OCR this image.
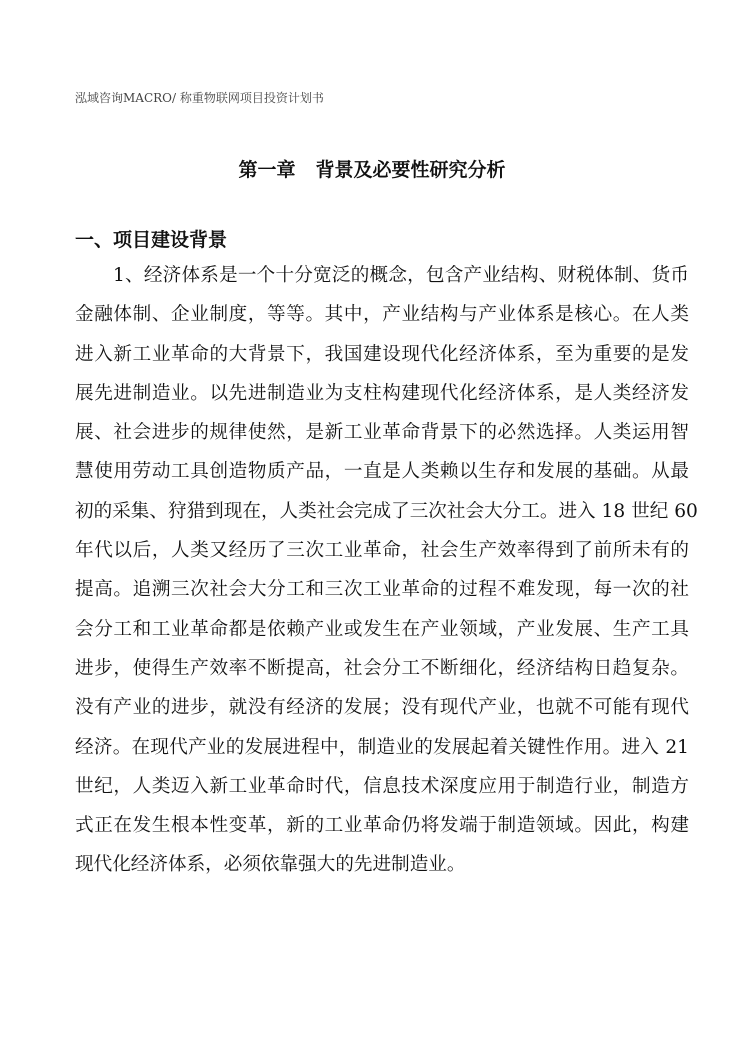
泓域咨询MACRO/ 称重物联网项目投资计划书
第一章 背景及必要性研究分析
一、项目建设背景
1、经济体系是一个十分宽泛的概念，包含产业结构、财税体制、货币
金融体制、企业制度，等等。其中，产业结构与产业体系是核心。在人类
进入新工业革命的大背景下，我国建设现代化经济体系，至为重要的是发
展先进制造业。以先进制造业为支柱构建现代化经济体系，是人类经济发
展、社会进步的规律使然，是新工业革命背景下的必然选择。人类运用智
慧使用劳动工具创造物质产品，一直是人类赖以生存和发展的基础。从最
初的采集、狩猎到现在，人类社会完成了三次社会大分工。进入 18 世纪 60
年代以后，人类又经历了三次工业革命，社会生产效率得到了前所未有的
提高。追溯三次社会大分工和三次工业革命的过程不难发现，每一次的社
会分工和工业革命都是依赖产业或发生在产业领域，产业发展、生产工具
进步，使得生产效率不断提高，社会分工不断细化，经济结构日趋复杂。
没有产业的进步，就没有经济的发展；没有现代产业，也就不可能有现代
经济。在现代产业的发展进程中，制造业的发展起着关键性作用。进入 21
世纪，人类迈入新工业革命时代，信息技术深度应用于制造行业，制造方
式正在发生根本性变革，新的工业革命仍将发端于制造领域。因此，构建
现代化经济体系，必须依靠强大的先进制造业。
